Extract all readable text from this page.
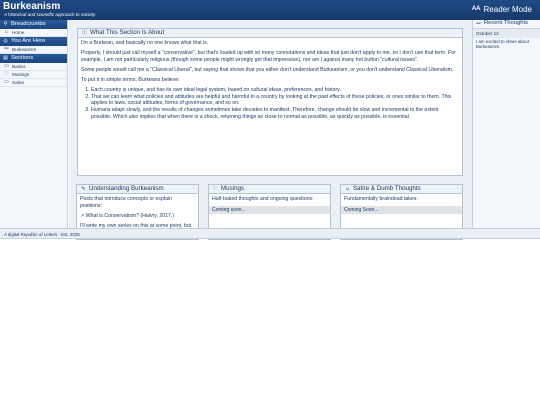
Burkeanism
A historical and scientific approach to society
AA Reader Mode
⚲ Breadcrumbs
⌂ Home
◎ You Are Here
⚯ Burkeanism
▤ Sections
▭ Basics
♡ Musings
▭ Satire
ⓘ What This Section Is About

I'm a Burkean, and basically no one knows what that is.

Properly, I should just call myself a "conservative", but that's loaded up with so many connotations and ideas that just don't apply to me, so I don't use that term. For example, I am not particularly religious (though some people might wrongly get that impression), nor am I against many hot button "cultural issues".

Some people would call me a "Classical Liberal", but saying that shows that you either don't understand Burkeanism, or you don't understand Classical Liberalism.

To put it in simple terms, Burkeans believe:

1. Each country is unique, and has its own ideal legal system, based on cultural ideas, preferences, and history.
2. That we can learn what policies and attitudes are helpful and harmful to a country by looking at the past effects of these policies, or ones similar to them. This applies to laws, social attitudes, forms of governance, and so on.
3. Humans adapt slowly, and the results of changes sometimes take decades to manifest. Therefore, change should be slow and incremental to the extent possible. Which also implies that when there is a shock, returning things as close to normal as possible, as quickly as possible, is essential.
✎ Understanding Burkeanism

Posts that introduce concepts or explain positions:

↗ What is Conservatism? (Haivry, 2017.)

I'll write my own series on this at some point, but

♡ Musings

Half-baked thoughts and ongoing questions:

Coming soon...
☺ Satire & Dumb Thoughts

Fundamentally braindead takes:

Coming Soon...
⚯ Recent Thoughts
October 12
I am excited to share about Burkeanism.
A digital Republic of Letters · Est. 2025
